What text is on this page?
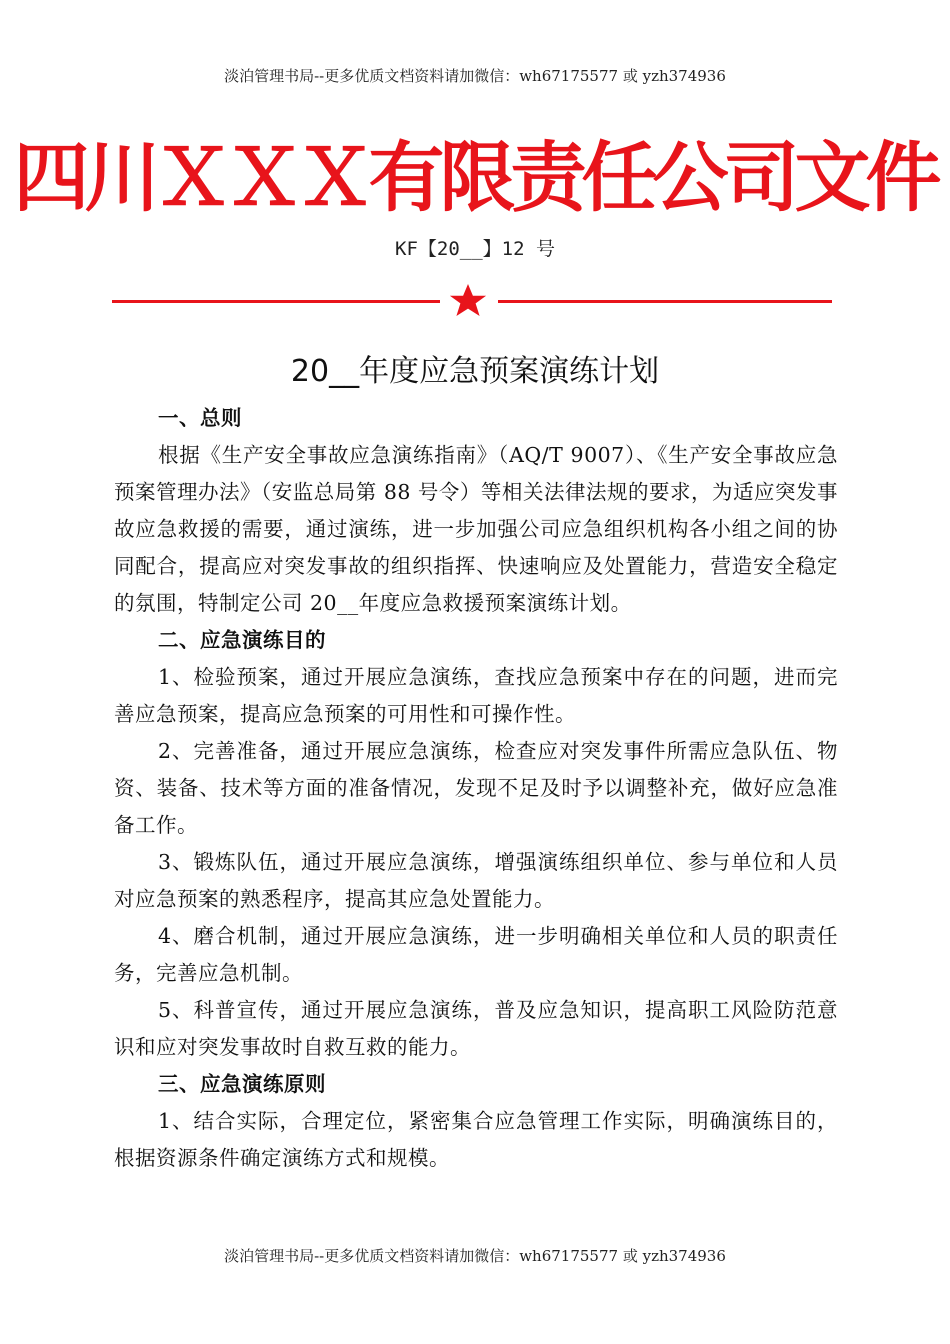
淡泊管理书局--更多优质文档资料请加微信：wh67175577 或 yzh374936
四川ＸＸＸ有限责任公司文件
KF【20__】12 号
20__年度应急预案演练计划

一、总则

根据《生产安全事故应急演练指南》（AQ/T 9007）、《生产安全事故应急预案管理办法》（安监总局第 88 号令）等相关法律法规的要求，为适应突发事故应急救援的需要，通过演练，进一步加强公司应急组织机构各小组之间的协同配合，提高应对突发事故的组织指挥、快速响应及处置能力，营造安全稳定的氛围，特制定公司 20__年度应急救援预案演练计划。

二、应急演练目的

1、检验预案，通过开展应急演练，查找应急预案中存在的问题，进而完善应急预案，提高应急预案的可用性和可操作性。

2、完善准备，通过开展应急演练，检查应对突发事件所需应急队伍、物资、装备、技术等方面的准备情况，发现不足及时予以调整补充，做好应急准备工作。

3、锻炼队伍，通过开展应急演练，增强演练组织单位、参与单位和人员对应急预案的熟悉程序，提高其应急处置能力。

4、磨合机制，通过开展应急演练，进一步明确相关单位和人员的职责任务，完善应急机制。

5、科普宣传，通过开展应急演练，普及应急知识，提高职工风险防范意识和应对突发事故时自救互救的能力。

三、应急演练原则

1、结合实际，合理定位，紧密集合应急管理工作实际，明确演练目的，根据资源条件确定演练方式和规模。

淡泊管理书局--更多优质文档资料请加微信：wh67175577 或 yzh374936
